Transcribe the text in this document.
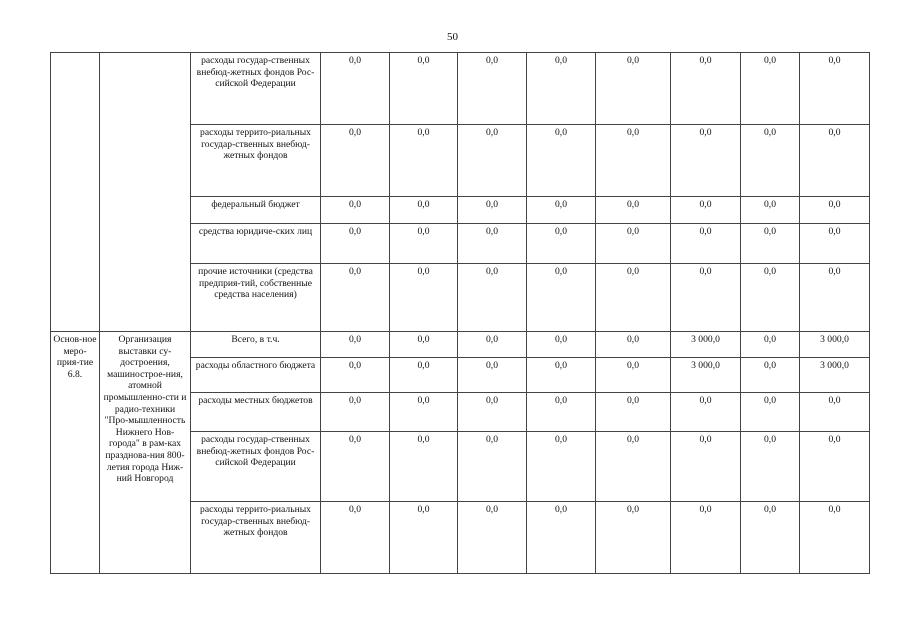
50
		расходы государ-ственных внебюд-жетных фондов Рос-сийской Федерации	0,0	0,0	0,0	0,0	0,0	0,0	0,0	0,0
		расходы террито-риальных государ-ственных внебюд-жетных фондов	0,0	0,0	0,0	0,0	0,0	0,0	0,0	0,0
		федеральный бюджет	0,0	0,0	0,0	0,0	0,0	0,0	0,0	0,0
		средства юридиче-ских лиц	0,0	0,0	0,0	0,0	0,0	0,0	0,0	0,0
		прочие источники (средства предприя-тий, собственные средства населения)	0,0	0,0	0,0	0,0	0,0	0,0	0,0	0,0
Основ-ное меро-прия-тие 6.8.	Организация выставки су-достроения, машинострое-ния, атомной промышленно-сти и радио-техники "Про-мышленность Нижнего Нов-города" в рам-ках празднова-ния 800-летия города Ниж-ний Новгород	Всего, в т.ч.	0,0	0,0	0,0	0,0	0,0	3 000,0	0,0	3 000,0
		расходы областного бюджета	0,0	0,0	0,0	0,0	0,0	3 000,0	0,0	3 000,0
		расходы местных бюджетов	0,0	0,0	0,0	0,0	0,0	0,0	0,0	0,0
		расходы государ-ственных внебюд-жетных фондов Рос-сийской Федерации	0,0	0,0	0,0	0,0	0,0	0,0	0,0	0,0
		расходы террито-риальных государ-ственных внебюд-жетных фондов	0,0	0,0	0,0	0,0	0,0	0,0	0,0	0,0
